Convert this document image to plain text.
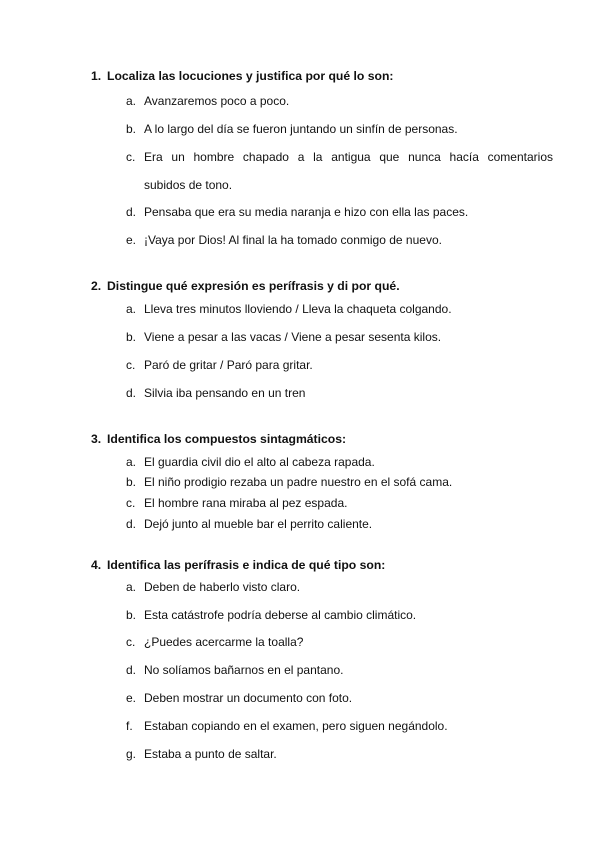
1. Localiza las locuciones y justifica por qué lo son:
a. Avanzaremos poco a poco.
b. A lo largo del día se fueron juntando un sinfín de personas.
c. Era un hombre chapado a la antigua que nunca hacía comentarios
subidos de tono.
d. Pensaba que era su media naranja e hizo con ella las paces.
e. ¡Vaya por Dios! Al final la ha tomado conmigo de nuevo.
2. Distingue qué expresión es perífrasis y di por qué.
a. Lleva tres minutos lloviendo / Lleva la chaqueta colgando.
b. Viene a pesar a las vacas / Viene a pesar sesenta kilos.
c. Paró de gritar / Paró para gritar.
d. Silvia iba pensando en un tren
3. Identifica los compuestos sintagmáticos:
a. El guardia civil dio el alto al cabeza rapada.
b. El niño prodigio rezaba un padre nuestro en el sofá cama.
c. El hombre rana miraba al pez espada.
d. Dejó junto al mueble bar el perrito caliente.
4. Identifica las perífrasis e indica de qué tipo son:
a. Deben de haberlo visto claro.
b. Esta catástrofe podría deberse al cambio climático.
c. ¿Puedes acercarme la toalla?
d. No solíamos bañarnos en el pantano.
e. Deben mostrar un documento con foto.
f. Estaban copiando en el examen, pero siguen negándolo.
g. Estaba a punto de saltar.
